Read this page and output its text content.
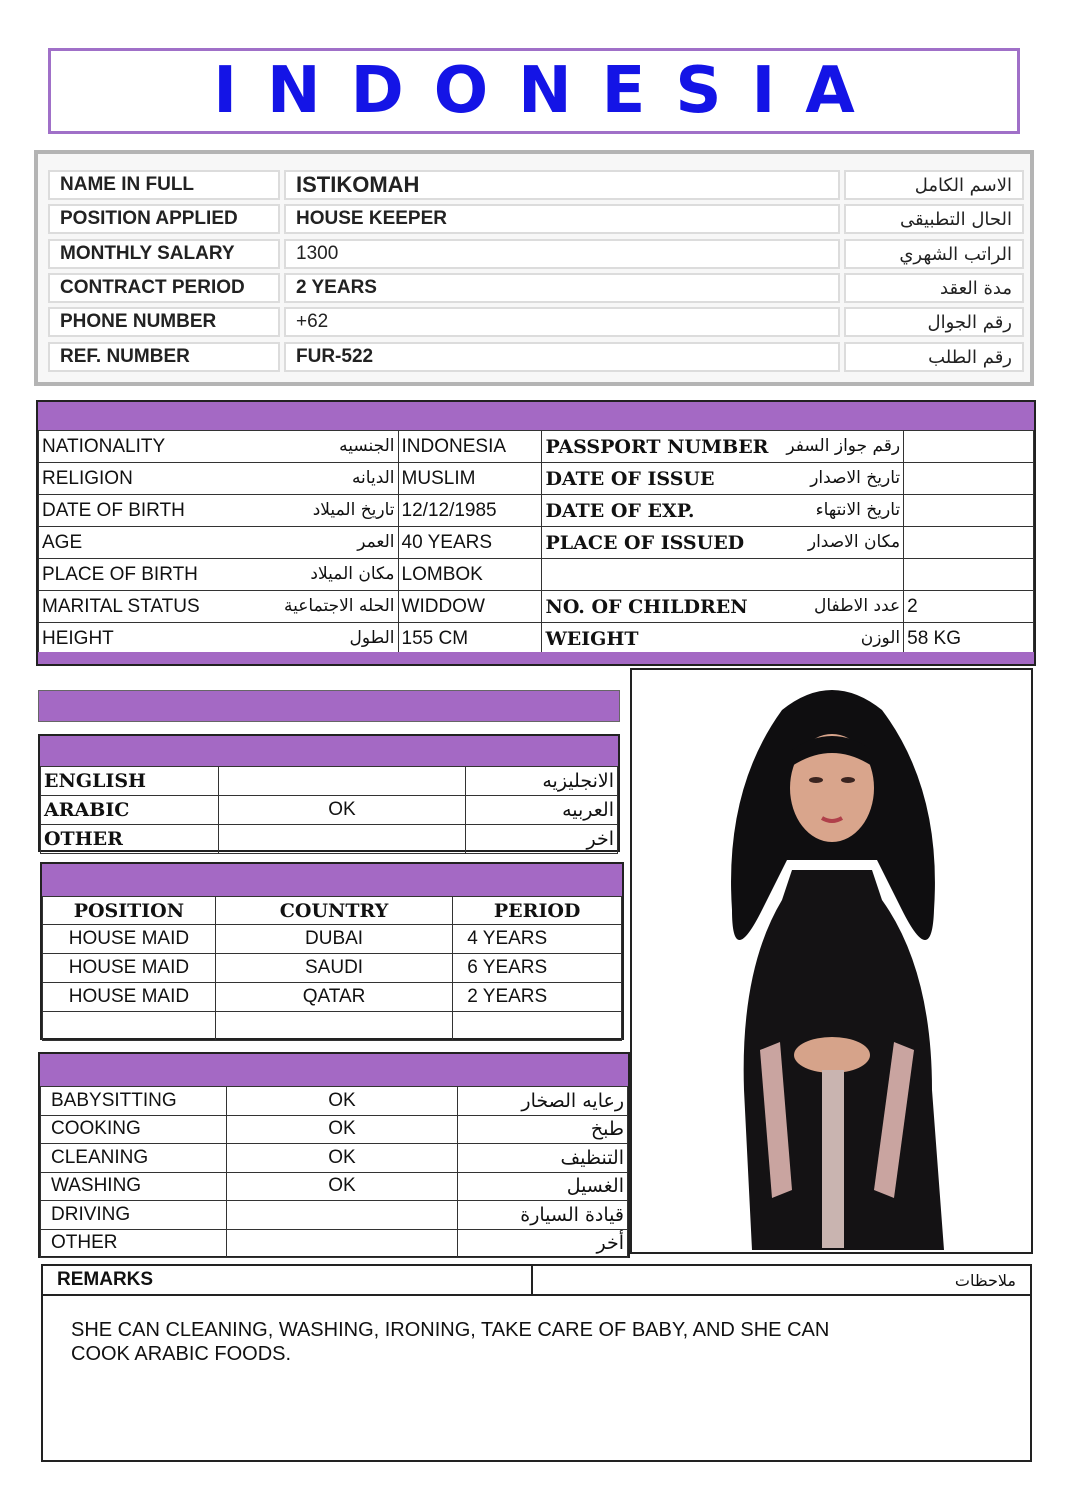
INDONESIA
NAME IN FULL	ISTIKOMAH	الاسم الكامل
POSITION APPLIED	HOUSE KEEPER	الحال التطبيقى
MONTHLY SALARY	1300	الراتب الشهري
CONTRACT PERIOD	2 YEARS	مدة العقد
PHONE NUMBER	+62	رقم الجوال
REF. NUMBER	FUR-522	رقم الطلب
NATIONALITY الجنسيه	INDONESIA	PASSPORT NUMBER رقم جواز السفر	

RELIGION الديانه	MUSLIM	DATE OF ISSUE تاريخ الاصدار	

DATE OF BIRTH تاريخ الميلاد	12/12/1985	DATE OF EXP. تاريخ الانتهاء	

AGE العمر	40 YEARS	PLACE OF ISSUED مكان الاصدار	

PLACE OF BIRTH مكان الميلاد	LOMBOK	

MARITAL STATUS الحله الاجتماعية	WIDDOW	NO. OF CHILDREN عدد الاطفال	2

HEIGHT الطول	155 CM	WEIGHT الوزن	58 KG
ENGLISH		الانجليزيه
ARABIC	OK	العربيه
OTHER		اخر
POSITION	COUNTRY	PERIOD
HOUSE MAID	DUBAI	4 YEARS
HOUSE MAID	SAUDI	6 YEARS
HOUSE MAID	QATAR	2 YEARS

BABYSITTING	OK	رعايه الصخار
COOKING	OK	طبخ
CLEANING	OK	التنظيف
WASHING	OK	الغسيل
DRIVING		قيادة السيارة
OTHER		أخر
REMARKS	ملاحظات
SHE CAN CLEANING, WASHING, IRONING, TAKE CARE OF BABY, AND SHE CAN
COOK ARABIC FOODS.
